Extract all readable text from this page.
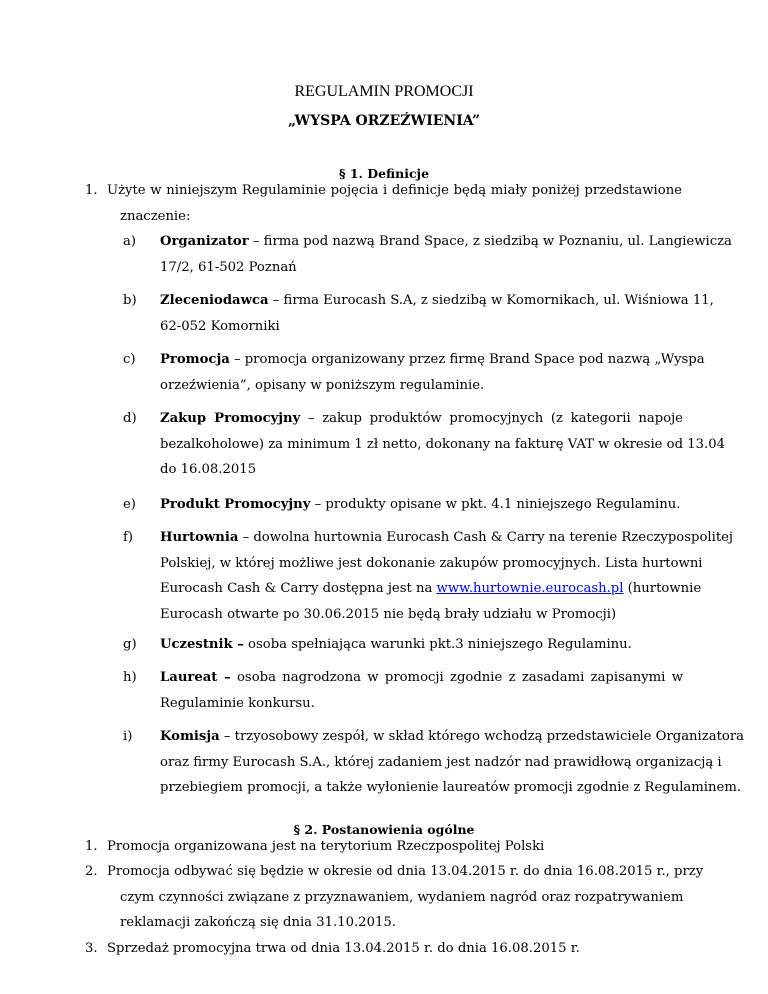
REGULAMIN PROMOCJI
„WYSPA ORZEŹWIENIA”
§ 1. Definicje
1. Użyte w niniejszym Regulaminie pojęcia i definicje będą miały poniżej przedstawione
znaczenie:
a) Organizator – firma pod nazwą Brand Space, z siedzibą w Poznaniu, ul. Langiewicza
17/2, 61-502 Poznań
b) Zleceniodawca – firma Eurocash S.A, z siedzibą w Komornikach, ul. Wiśniowa 11,
62-052 Komorniki
c) Promocja – promocja organizowany przez firmę Brand Space pod nazwą „Wyspa
orzeźwienia”, opisany w poniższym regulaminie.
d) Zakup Promocyjny – zakup produktów promocyjnych (z kategorii napoje
bezalkoholowe) za minimum 1 zł netto, dokonany na fakturę VAT w okresie od 13.04
do 16.08.2015
e) Produkt Promocyjny – produkty opisane w pkt. 4.1 niniejszego Regulaminu.
f) Hurtownia – dowolna hurtownia Eurocash Cash & Carry na terenie Rzeczypospolitej
Polskiej, w której możliwe jest dokonanie zakupów promocyjnych. Lista hurtowni
Eurocash Cash & Carry dostępna jest na www.hurtownie.eurocash.pl (hurtownie
Eurocash otwarte po 30.06.2015 nie będą brały udziału w Promocji)
g) Uczestnik – osoba spełniająca warunki pkt.3 niniejszego Regulaminu.
h) Laureat – osoba nagrodzona w promocji zgodnie z zasadami zapisanymi w
Regulaminie konkursu.
i) Komisja – trzyosobowy zespół, w skład którego wchodzą przedstawiciele Organizatora
oraz firmy Eurocash S.A., której zadaniem jest nadzór nad prawidłową organizacją i
przebiegiem promocji, a także wyłonienie laureatów promocji zgodnie z Regulaminem.
§ 2. Postanowienia ogólne
1. Promocja organizowana jest na terytorium Rzeczpospolitej Polski
2. Promocja odbywać się będzie w okresie od dnia 13.04.2015 r. do dnia 16.08.2015 r., przy
czym czynności związane z przyznawaniem, wydaniem nagród oraz rozpatrywaniem
reklamacji zakończą się dnia 31.10.2015.
3. Sprzedaż promocyjna trwa od dnia 13.04.2015 r. do dnia 16.08.2015 r.
